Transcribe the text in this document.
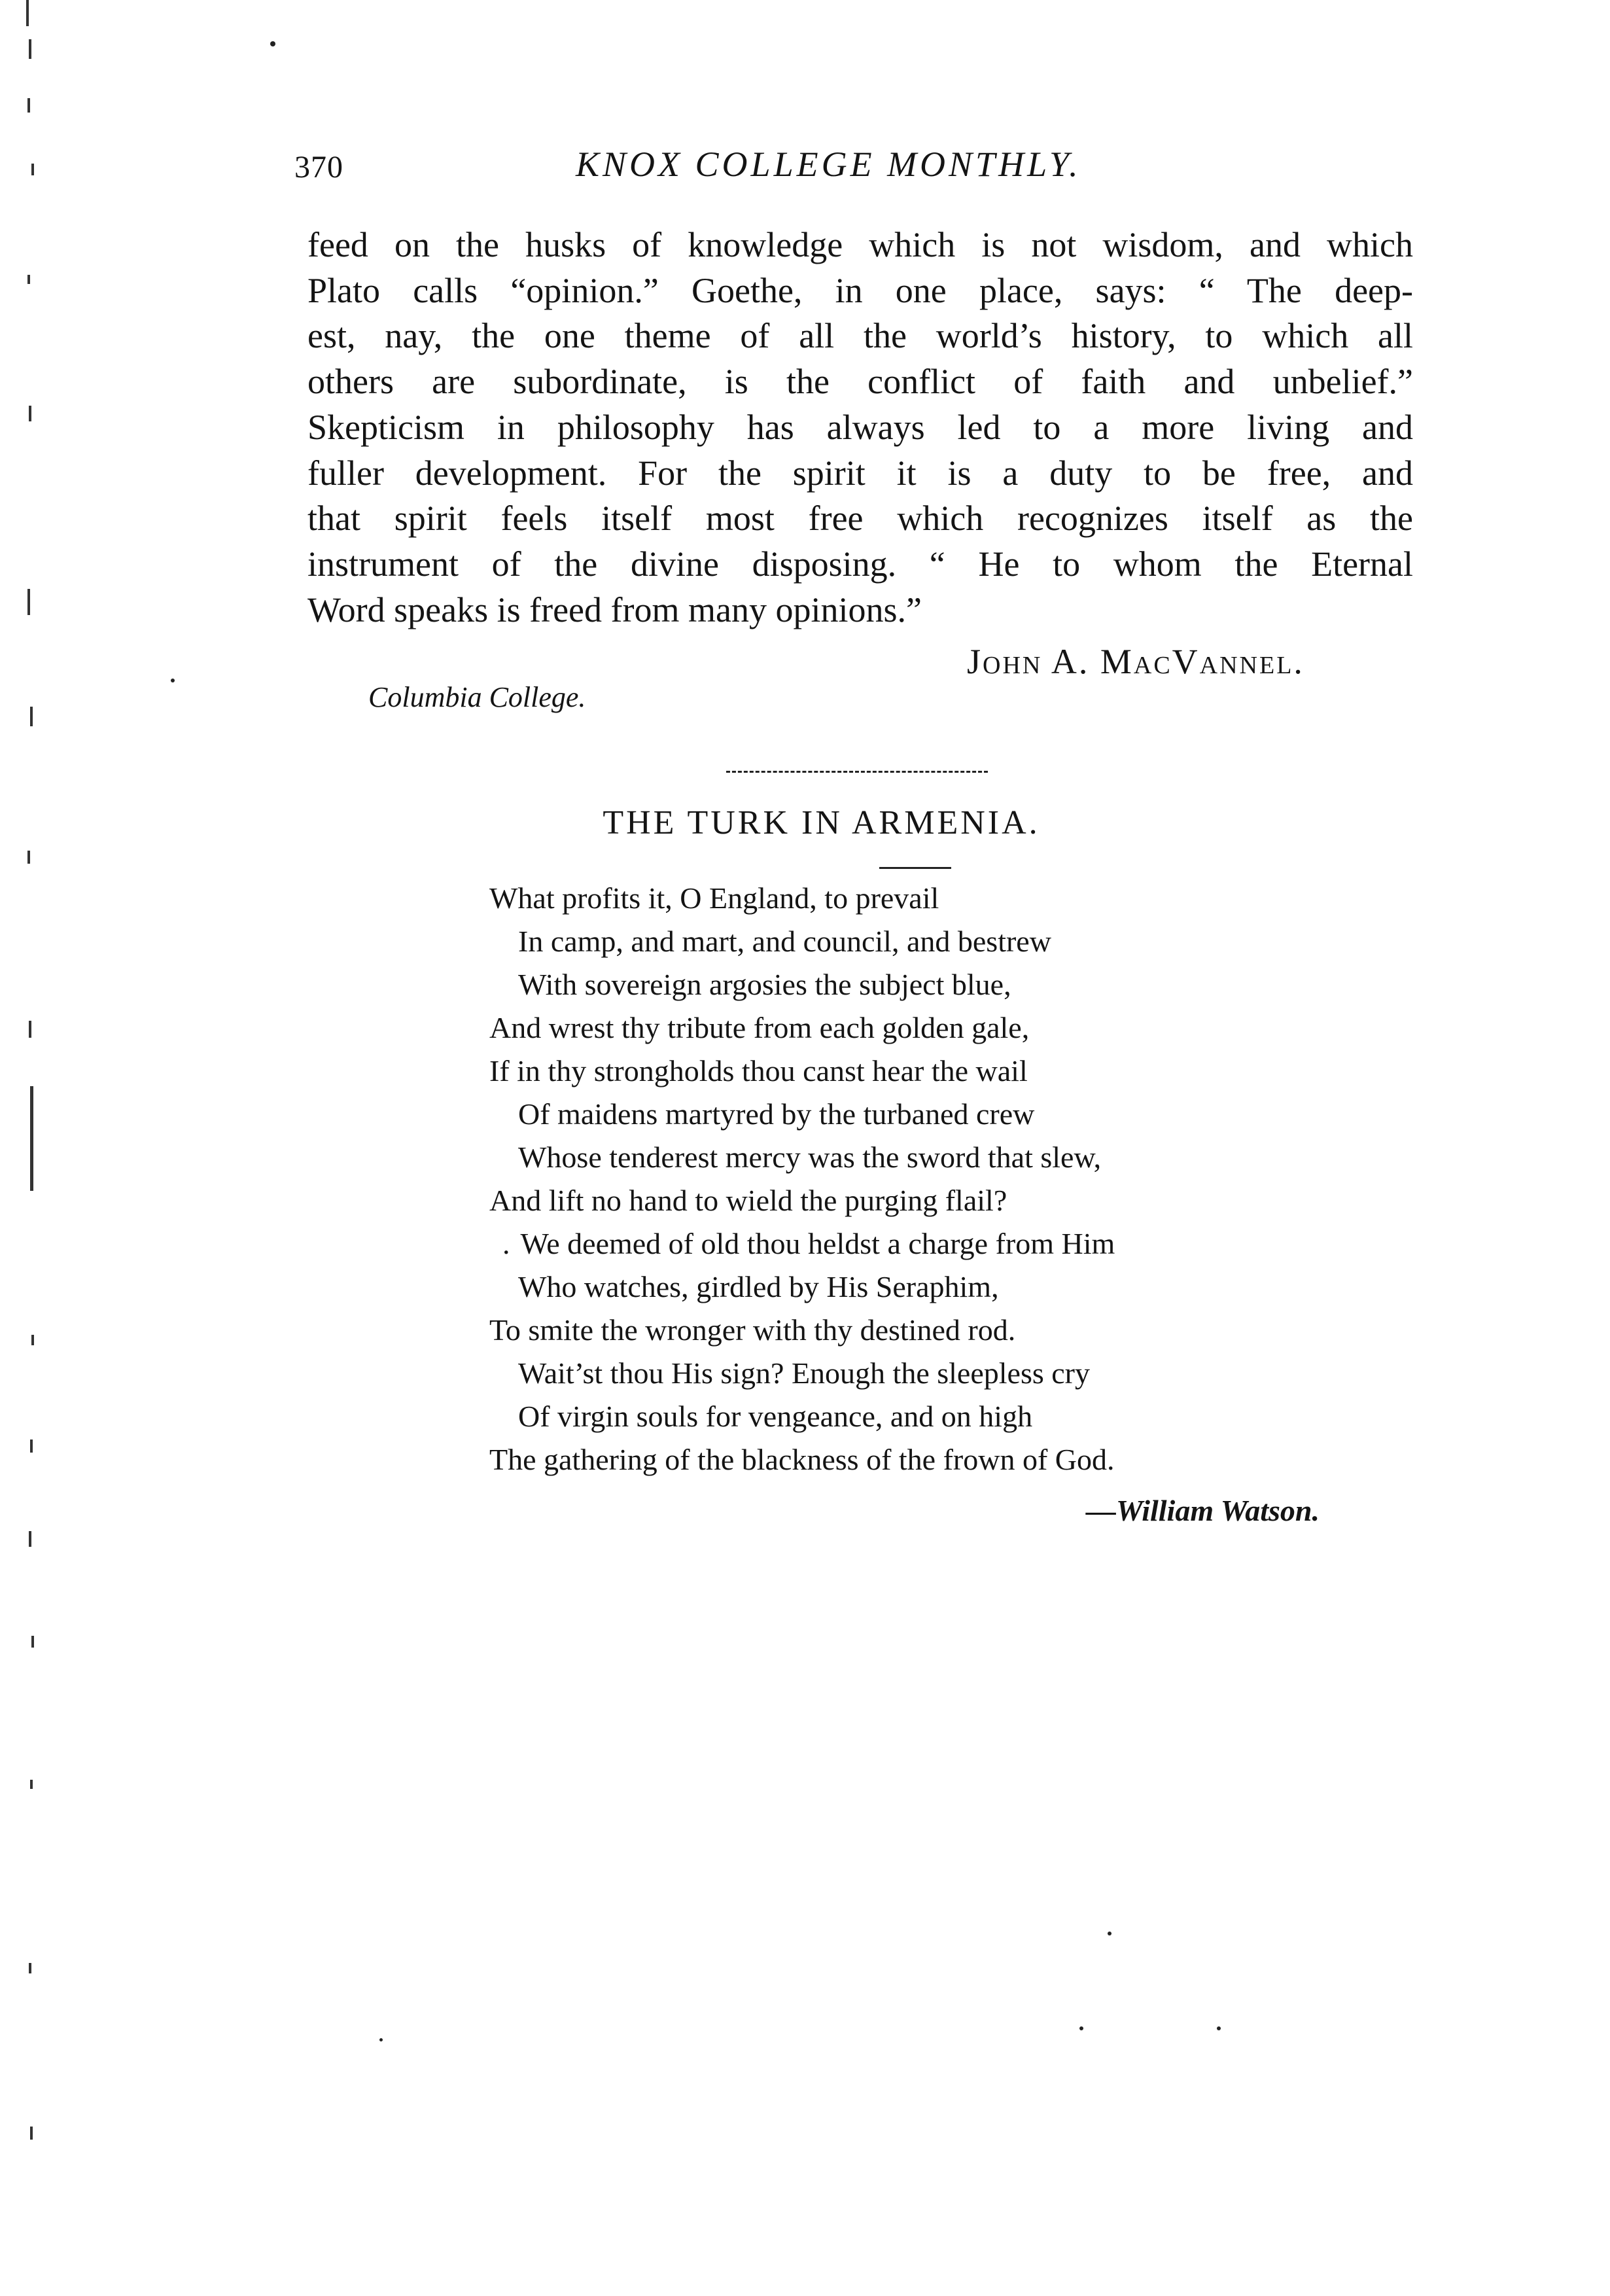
370	KNOX COLLEGE MONTHLY.
feed on the husks of knowledge which is not wisdom, and which
Plato calls “opinion.” Goethe, in one place, says: “ The deep-
est, nay, the one theme of all the world’s history, to which all
others are subordinate, is the conflict of faith and unbelief.”
Skepticism in philosophy has always led to a more living and
fuller development. For the spirit it is a duty to be free, and
that spirit feels itself most free which recognizes itself as the
instrument of the divine disposing. “ He to whom the Eternal
Word speaks is freed from many opinions.”
John A. MacVannel.
Columbia College.
THE TURK IN ARMENIA.
What profits it, O England, to prevail
In camp, and mart, and council, and bestrew
With sovereign argosies the subject blue,
And wrest thy tribute from each golden gale,
If in thy strongholds thou canst hear the wail
Of maidens martyred by the turbaned crew
Whose tenderest mercy was the sword that slew,
And lift no hand to wield the purging flail?
. We deemed of old thou heldst a charge from Him
Who watches, girdled by His Seraphim,
To smite the wronger with thy destined rod.
Wait’st thou His sign? Enough the sleepless cry
Of virgin souls for vengeance, and on high
The gathering of the blackness of the frown of God.
—William Watson.
